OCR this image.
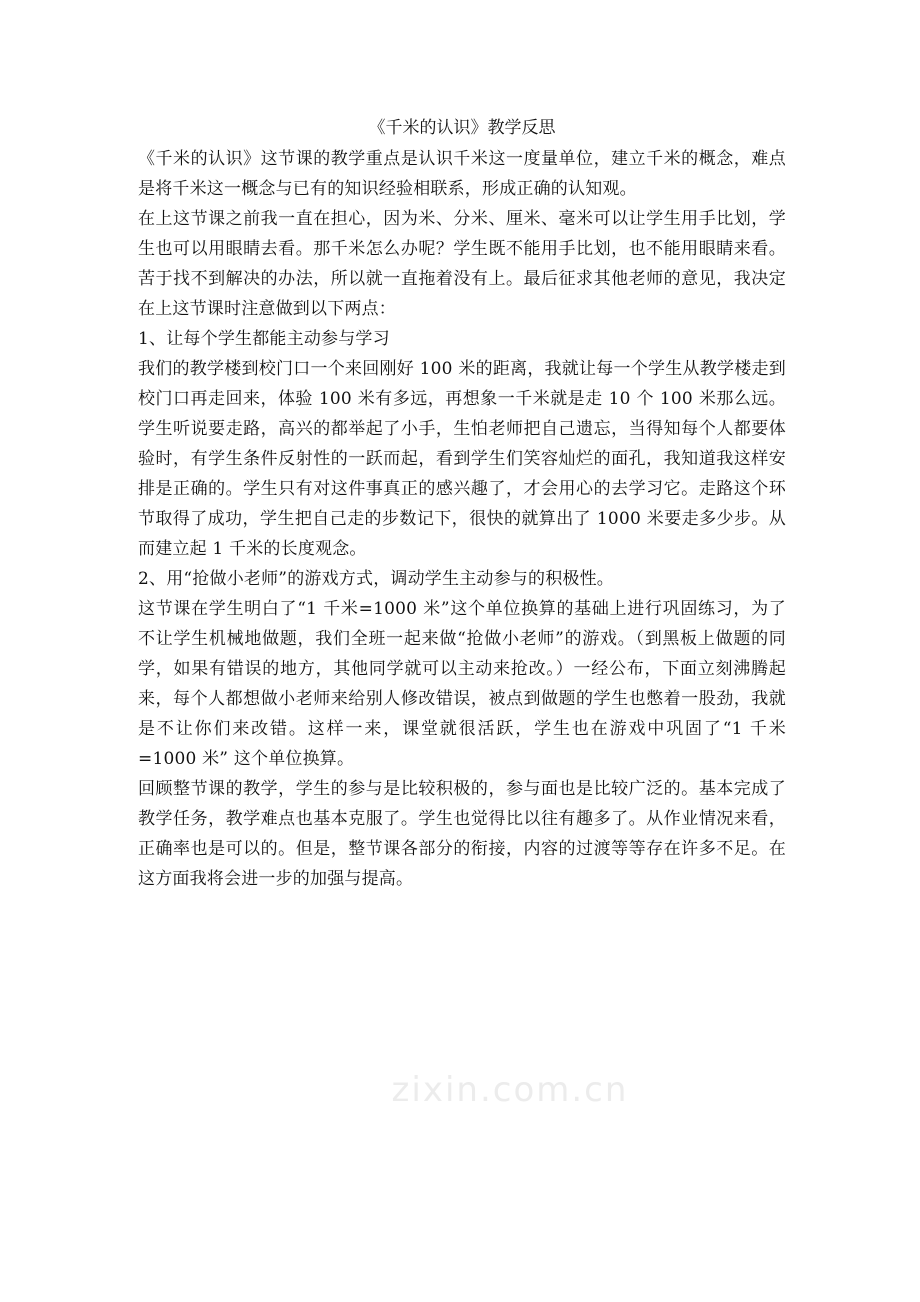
《千米的认识》教学反思

《千米的认识》这节课的教学重点是认识千米这一度量单位，建立千米的概念，难点是将千米这一概念与已有的知识经验相联系，形成正确的认知观。

在上这节课之前我一直在担心，因为米、分米、厘米、毫米可以让学生用手比划，学生也可以用眼睛去看。那千米怎么办呢？学生既不能用手比划，也不能用眼睛来看。苦于找不到解决的办法，所以就一直拖着没有上。最后征求其他老师的意见，我决定在上这节课时注意做到以下两点：

1、让每个学生都能主动参与学习

我们的教学楼到校门口一个来回刚好 100 米的距离，我就让每一个学生从教学楼走到校门口再走回来，体验 100 米有多远，再想象一千米就是走 10 个 100 米那么远。学生听说要走路，高兴的都举起了小手，生怕老师把自己遗忘，当得知每个人都要体验时，有学生条件反射性的一跃而起，看到学生们笑容灿烂的面孔，我知道我这样安排是正确的。学生只有对这件事真正的感兴趣了，才会用心的去学习它。走路这个环节取得了成功，学生把自己走的步数记下，很快的就算出了 1000 米要走多少步。从而建立起 1 千米的长度观念。

2、用“抢做小老师”的游戏方式，调动学生主动参与的积极性。

这节课在学生明白了“1 千米=1000 米”这个单位换算的基础上进行巩固练习，为了不让学生机械地做题，我们全班一起来做“抢做小老师”的游戏。（到黑板上做题的同学，如果有错误的地方，其他同学就可以主动来抢改。）一经公布，下面立刻沸腾起来，每个人都想做小老师来给别人修改错误，被点到做题的学生也憋着一股劲，我就是不让你们来改错。这样一来，课堂就很活跃，学生也在游戏中巩固了“1 千米=1000 米” 这个单位换算。

回顾整节课的教学，学生的参与是比较积极的，参与面也是比较广泛的。基本完成了教学任务，教学难点也基本克服了。学生也觉得比以往有趣多了。从作业情况来看，正确率也是可以的。但是，整节课各部分的衔接，内容的过渡等等存在许多不足。在这方面我将会进一步的加强与提高。

zixin.com.cn
